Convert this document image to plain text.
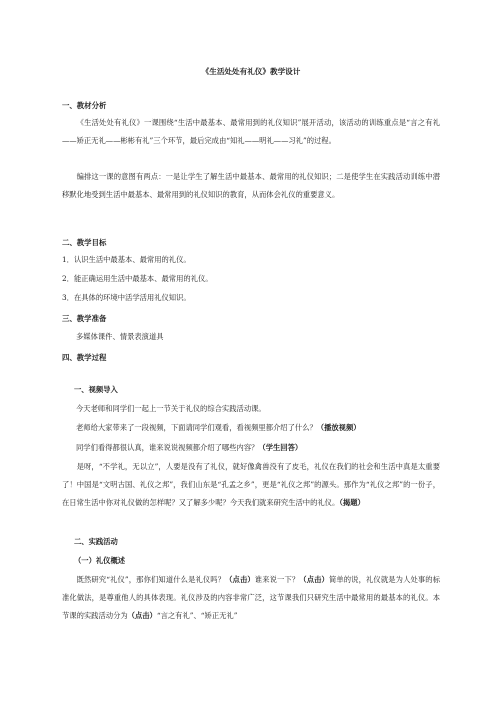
《生活处处有礼仪》教学设计
一、教材分析

《生活处处有礼仪》一课围绕“生活中最基本、最常用到的礼仪知识”展开活动，该活动的训练重点是“言之有礼——矫正无礼——彬彬有礼”三个环节，最后完成由“知礼——明礼——习礼”的过程。

编排这一课的意图有两点：一是让学生了解生活中最基本、最常用的礼仪知识；二是使学生在实践活动训练中潜移默化地受到生活中最基本、最常用到的礼仪知识的教育，从而体会礼仪的重要意义。

二、教学目标
1．认识生活中最基本、最常用的礼仪。
2．能正确运用生活中最基本、最常用的礼仪。
3．在具体的环境中活学活用礼仪知识。
三、教学准备
多媒体课件、情景表演道具
四、教学过程
一、视频导入
今天老师和同学们一起上一节关于礼仪的综合实践活动课。
老师给大家带来了一段视频，下面请同学们观看，看视频里都介绍了什么？（播放视频）
同学们看得都很认真，谁来说说视频都介绍了哪些内容？（学生回答）

是呀，“不学礼，无以立”，人要是没有了礼仪，就好像禽兽没有了皮毛，礼仪在我们的社会和生活中真是太重要了！中国是“文明古国、礼仪之邦”，我们山东是“孔孟之乡”，更是“礼仪之邦”的源头。那作为“礼仪之邦”的一份子，在日常生活中你对礼仪做的怎样呢？又了解多少呢？今天我们就来研究生活中的礼仪。（揭题）

二、实践活动
（一）礼仪概述

既然研究“礼仪”，那你们知道什么是礼仪吗？（点击）谁来说一下？（点击）简单的说，礼仪就是为人处事的标准化做法，是尊重他人的具体表现。礼仪涉及的内容非常广泛，这节课我们只研究生活中最常用的最基本的礼仪。本节课的实践活动分为（点击）“言之有礼”、“矫正无礼”
